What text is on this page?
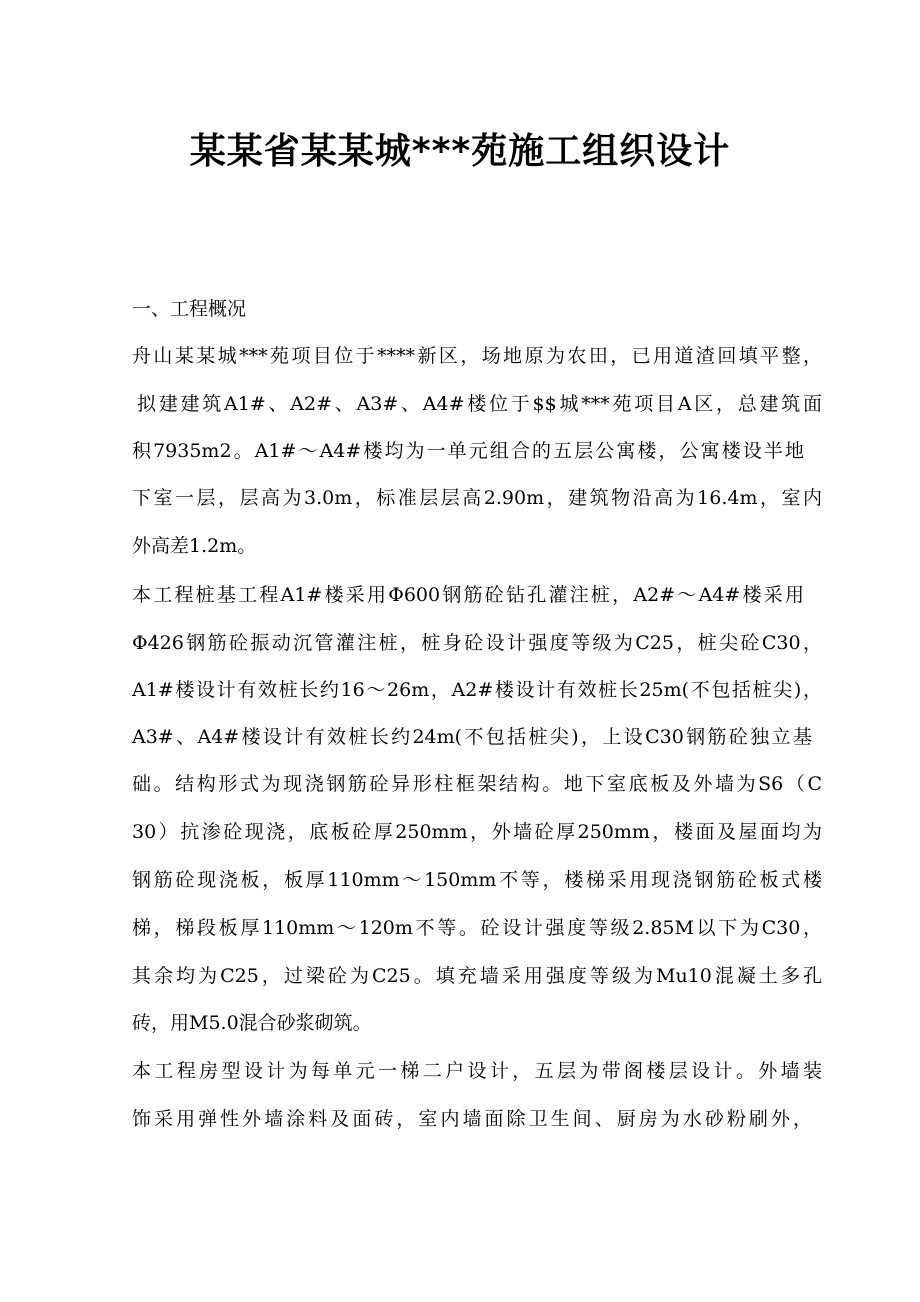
某某省某某城***苑施工组织设计

一、工程概况

舟山某某城***苑项目位于****新区，场地原为农田，已用道渣回填平整，

拟建建筑A1#、A2#、A3#、A4#楼位于$$城***苑项目A区，总建筑面

积7935m2。A1#～A4#楼均为一单元组合的五层公寓楼，公寓楼设半地

下室一层，层高为3.0m，标准层层高2.90m，建筑物沿高为16.4m，室内

外高差1.2m。

本工程桩基工程A1#楼采用Φ600钢筋砼钻孔灌注桩，A2#～A4#楼采用

Φ426钢筋砼振动沉管灌注桩，桩身砼设计强度等级为C25，桩尖砼C30，

A1#楼设计有效桩长约16～26m，A2#楼设计有效桩长25m(不包括桩尖)，

A3#、A4#楼设计有效桩长约24m(不包括桩尖)，上设C30钢筋砼独立基

础。结构形式为现浇钢筋砼异形柱框架结构。地下室底板及外墙为S6（C

30）抗渗砼现浇，底板砼厚250mm，外墙砼厚250mm，楼面及屋面均为

钢筋砼现浇板，板厚110mm～150mm不等，楼梯采用现浇钢筋砼板式楼

梯，梯段板厚110mm～120m不等。砼设计强度等级2.85M以下为C30，

其余均为C25，过梁砼为C25。填充墙采用强度等级为Mu10混凝土多孔

砖，用M5.0混合砂浆砌筑。

本工程房型设计为每单元一梯二户设计，五层为带阁楼层设计。外墙装

饰采用弹性外墙涂料及面砖，室内墙面除卫生间、厨房为水砂粉刷外，
